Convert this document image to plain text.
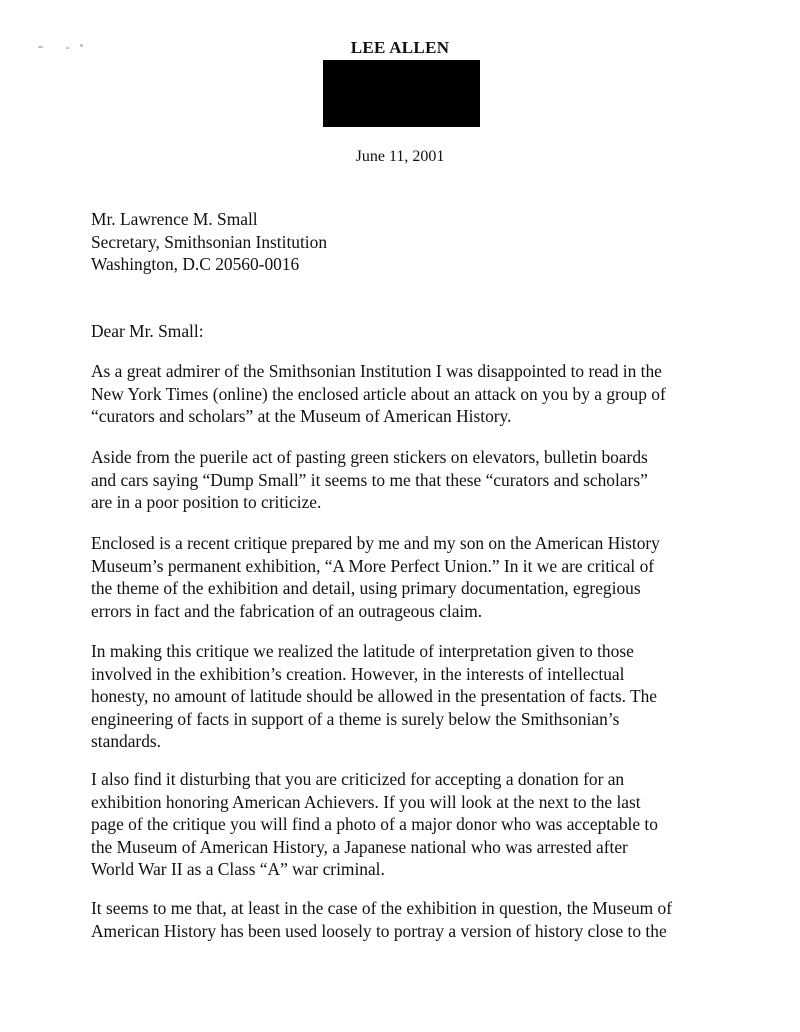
LEE ALLEN
June 11, 2001
Mr. Lawrence M. Small
Secretary, Smithsonian Institution
Washington, D.C 20560-0016
Dear Mr. Small:
As a great admirer of the Smithsonian Institution I was disappointed to read in the
New York Times (online) the enclosed article about an attack on you by a group of
“curators and scholars” at the Museum of American History.
Aside from the puerile act of pasting green stickers on elevators, bulletin boards
and cars saying “Dump Small” it seems to me that these “curators and scholars”
are in a poor position to criticize.
Enclosed is a recent critique prepared by me and my son on the American History
Museum’s permanent exhibition, “A More Perfect Union.” In it we are critical of
the theme of the exhibition and detail, using primary documentation, egregious
errors in fact and the fabrication of an outrageous claim.
In making this critique we realized the latitude of interpretation given to those
involved in the exhibition’s creation. However, in the interests of intellectual
honesty, no amount of latitude should be allowed in the presentation of facts. The
engineering of facts in support of a theme is surely below the Smithsonian’s
standards.
I also find it disturbing that you are criticized for accepting a donation for an
exhibition honoring American Achievers. If you will look at the next to the last
page of the critique you will find a photo of a major donor who was acceptable to
the Museum of American History, a Japanese national who was arrested after
World War II as a Class “A” war criminal.
It seems to me that, at least in the case of the exhibition in question, the Museum of
American History has been used loosely to portray a version of history close to the
